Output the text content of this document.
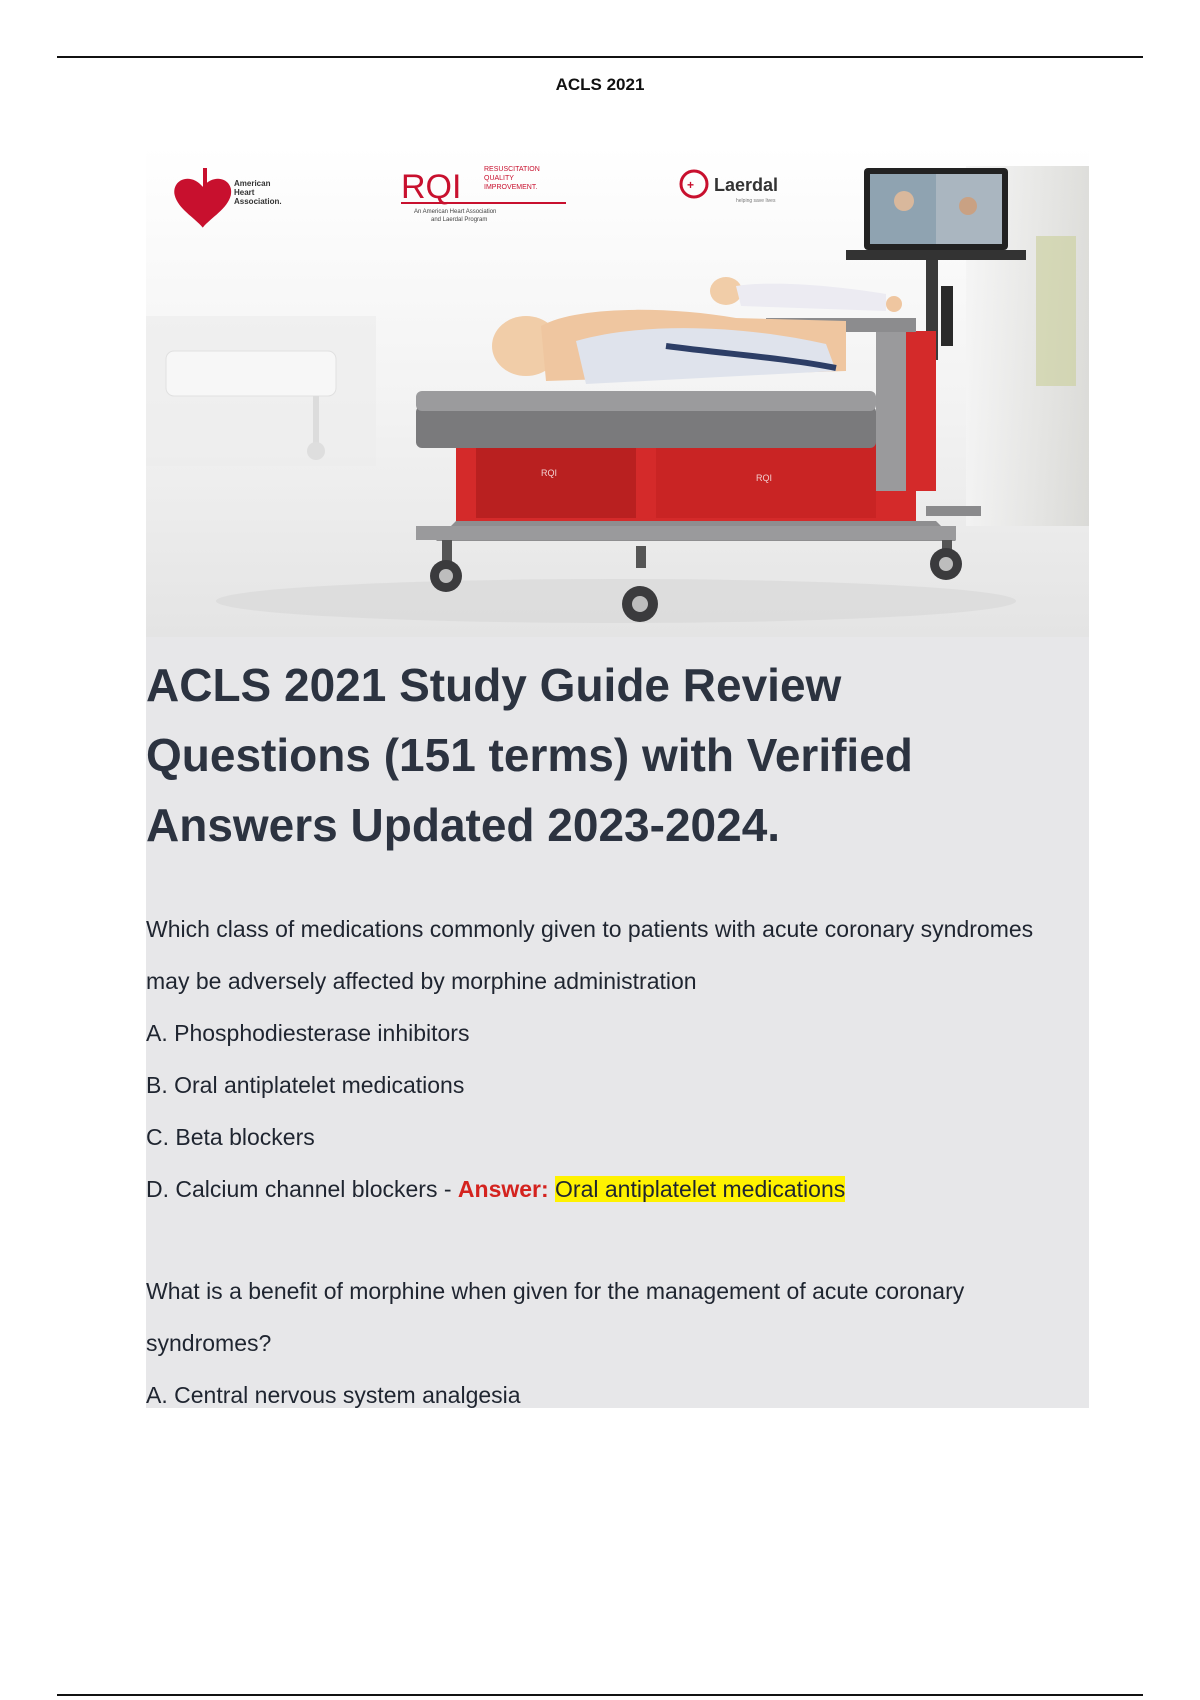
ACLS 2021
American
Heart
Association.	RQI	RESUSCITATION
QUALITY
IMPROVEMENT.
An American Heart Association
and Laerdal Program
+ Laerdal
helping save lives
RQI	RQI
ACLS 2021 Study Guide Review Questions (151 terms) with Verified Answers Updated 2023-2024.

Which class of medications commonly given to patients with acute coronary syndromes may be adversely affected by morphine administration

A. Phosphodiesterase inhibitors

B. Oral antiplatelet medications

C. Beta blockers

D. Calcium channel blockers - Answer: Oral antiplatelet medications

What is a benefit of morphine when given for the management of acute coronary syndromes?

A. Central nervous system analgesia
